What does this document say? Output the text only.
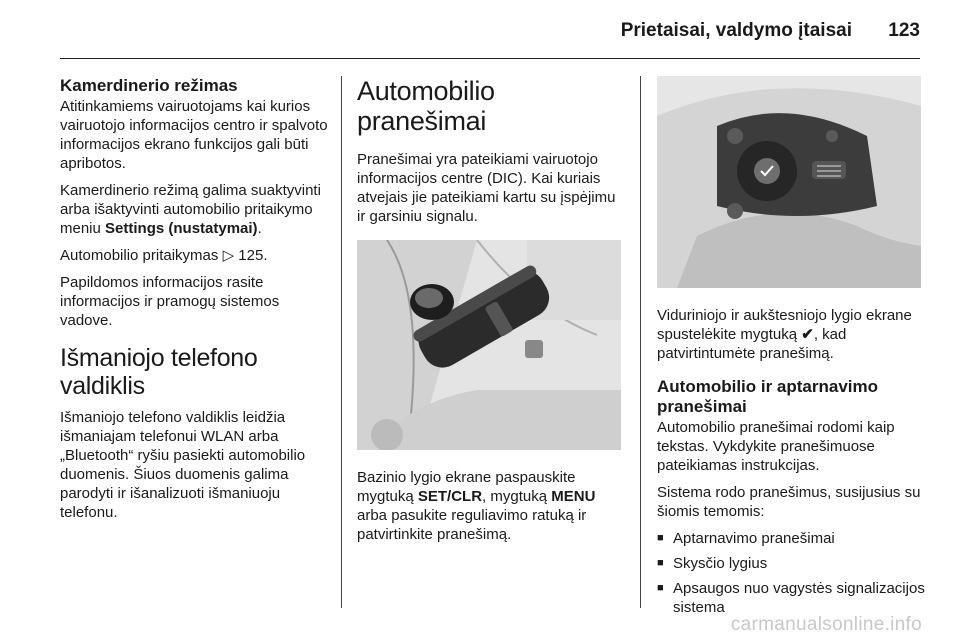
Prietaisai, valdymo įtaisai 123
Kamerdinerio režimas

Atitinkamiems vairuotojams kai kurios vairuotojo informacijos centro ir spalvoto informacijos ekrano funkcijos gali būti apribotos.

Kamerdinerio režimą galima suaktyvinti arba išaktyvinti automobilio pritaikymo meniu Settings (nustatymai).

Automobilio pritaikymas ▷ 125.

Papildomos informacijos rasite informacijos ir pramogų sistemos vadove.

Išmaniojo telefono valdiklis

Išmaniojo telefono valdiklis leidžia išmaniajam telefonui WLAN arba „Bluetooth“ ryšiu pasiekti automobilio duomenis. Šiuos duomenis galima parodyti ir išanalizuoti išmaniuoju telefonu.

Automobilio pranešimai

Pranešimai yra pateikiami vairuotojo informacijos centre (DIC). Kai kuriais atvejais jie pateikiami kartu su įspėjimu ir garsiniu signalu.

Bazinio lygio ekrane paspauskite mygtuką SET/CLR, mygtuką MENU arba pasukite reguliavimo ratuką ir patvirtinkite pranešimą.

Viduriniojo ir aukštesniojo lygio ekrane spustelėkite mygtuką ✔, kad patvirtintumėte pranešimą.

Automobilio ir aptarnavimo pranešimai

Automobilio pranešimai rodomi kaip tekstas. Vykdykite pranešimuose pateikiamas instrukcijas.

Sistema rodo pranešimus, susijusius su šiomis temomis:

■ Aptarnavimo pranešimai
■ Skysčio lygius
■ Apsaugos nuo vagystės signalizacijos sistema
carmanualsonline.info
